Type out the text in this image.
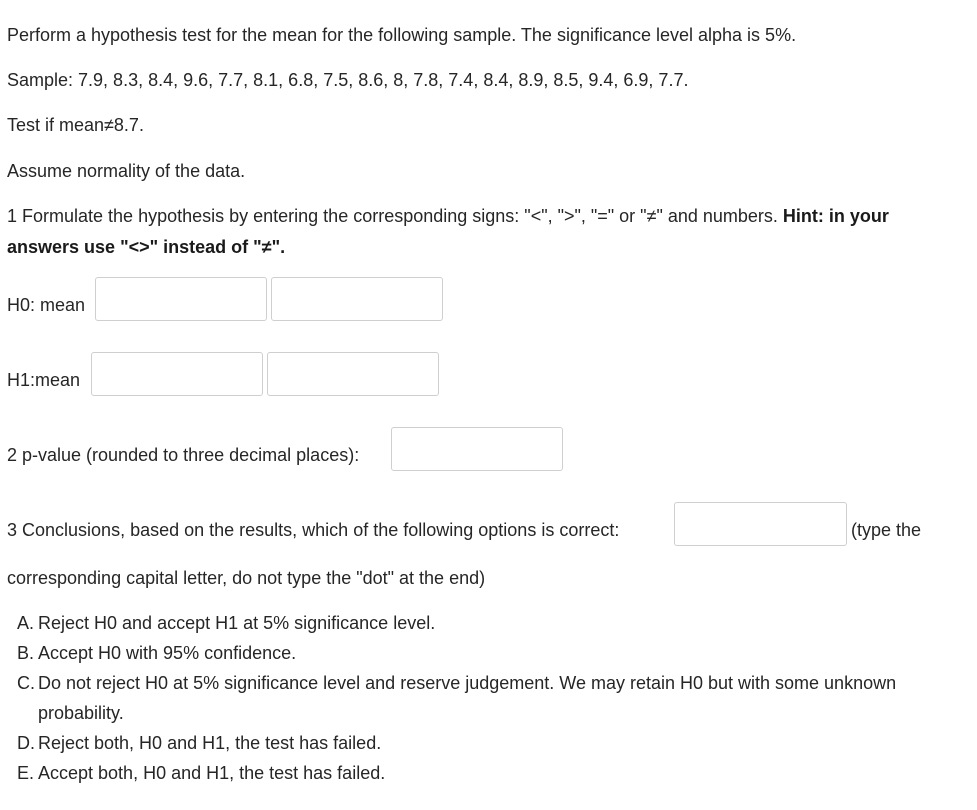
Perform a hypothesis test for the mean for the following sample. The significance level alpha is 5%.
Sample: 7.9, 8.3, 8.4, 9.6, 7.7, 8.1, 6.8, 7.5, 8.6, 8, 7.8, 7.4, 8.4, 8.9, 8.5, 9.4, 6.9, 7.7.
Test if mean≠8.7.
Assume normality of the data.
1 Formulate the hypothesis by entering the corresponding signs: "<", ">", "=" or "≠" and numbers. Hint: in your
answers use "<>" instead of "≠".
H0: mean
H1:mean
2 p-value (rounded to three decimal places):
3 Conclusions, based on the results, which of the following options is correct:	(type the
corresponding capital letter, do not type the "dot" at the end)
A. Reject H0 and accept H1 at 5% significance level.
B. Accept H0 with 95% confidence.
C. Do not reject H0 at 5% significance level and reserve judgement. We may retain H0 but with some unknown
probability.
D. Reject both, H0 and H1, the test has failed.
E. Accept both, H0 and H1, the test has failed.
